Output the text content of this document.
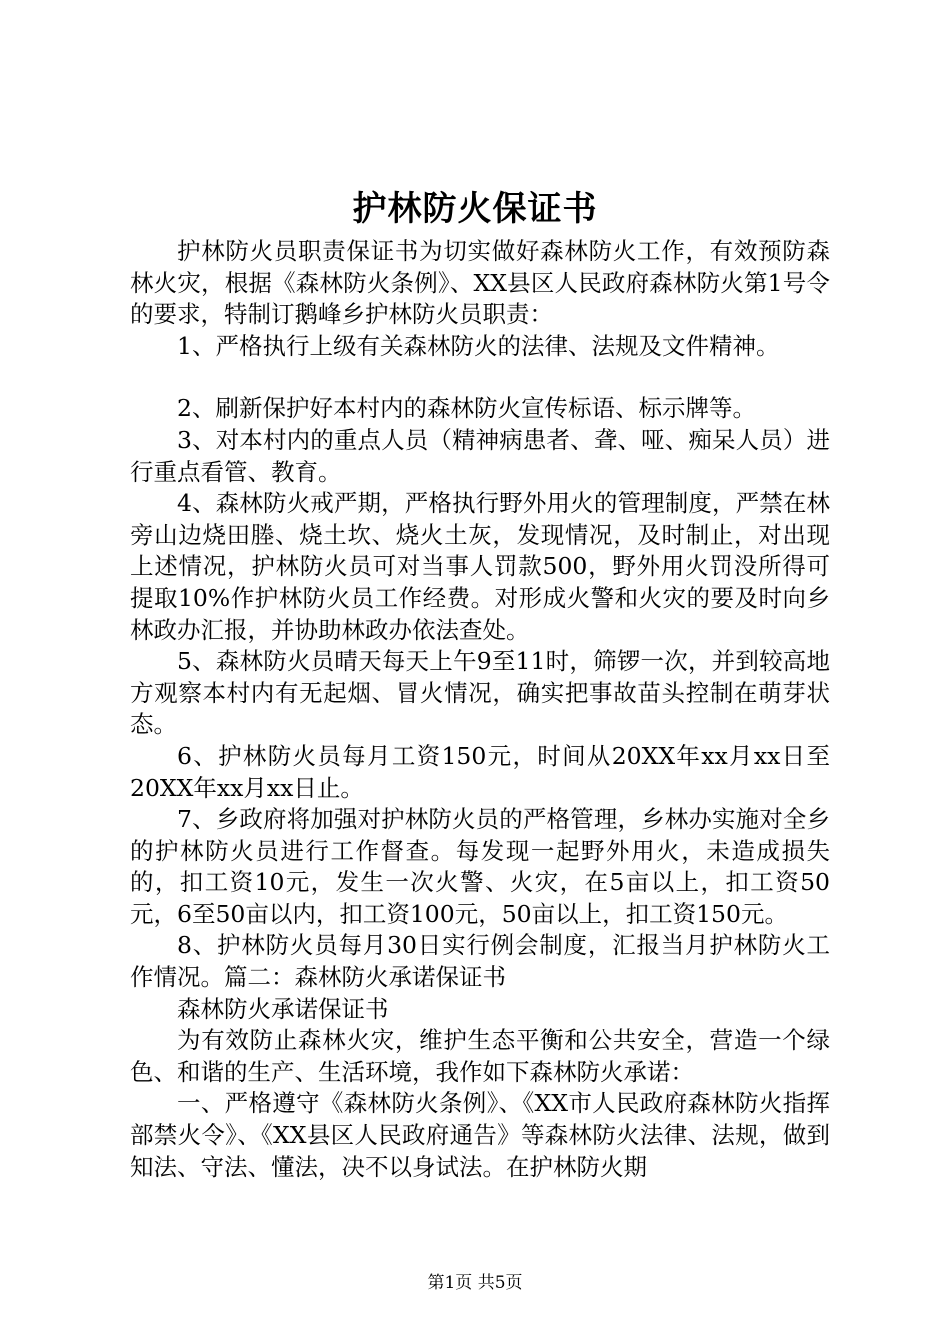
护林防火保证书

护林防火员职责保证书为切实做好森林防火工作，有效预防森林火灾，根据《森林防火条例》、XX县区人民政府森林防火第1号令的要求，特制订鹅峰乡护林防火员职责：

1、严格执行上级有关森林防火的法律、法规及文件精神。

2、刷新保护好本村内的森林防火宣传标语、标示牌等。

3、对本村内的重点人员（精神病患者、聋、哑、痴呆人员）进行重点看管、教育。

4、森林防火戒严期，严格执行野外用火的管理制度，严禁在林旁山边烧田塍、烧土坎、烧火土灰，发现情况，及时制止，对出现上述情况，护林防火员可对当事人罚款500，野外用火罚没所得可提取10%作护林防火员工作经费。对形成火警和火灾的要及时向乡林政办汇报，并协助林政办依法查处。

5、森林防火员晴天每天上午9至11时，筛锣一次，并到较高地方观察本村内有无起烟、冒火情况，确实把事故苗头控制在萌芽状态。

6、护林防火员每月工资150元，时间从20XX年xx月xx日至20XX年xx月xx日止。

7、乡政府将加强对护林防火员的严格管理，乡林办实施对全乡的护林防火员进行工作督查。每发现一起野外用火，未造成损失的，扣工资10元，发生一次火警、火灾，在5亩以上，扣工资50元，6至50亩以内，扣工资100元，50亩以上，扣工资150元。

8、护林防火员每月30日实行例会制度，汇报当月护林防火工作情况。篇二：森林防火承诺保证书

森林防火承诺保证书

为有效防止森林火灾，维护生态平衡和公共安全，营造一个绿色、和谐的生产、生活环境，我作如下森林防火承诺：

一、严格遵守《森林防火条例》、《XX市人民政府森林防火指挥部禁火令》、《XX县区人民政府通告》等森林防火法律、法规，做到知法、守法、懂法，决不以身试法。在护林防火期

第1页 共5页
